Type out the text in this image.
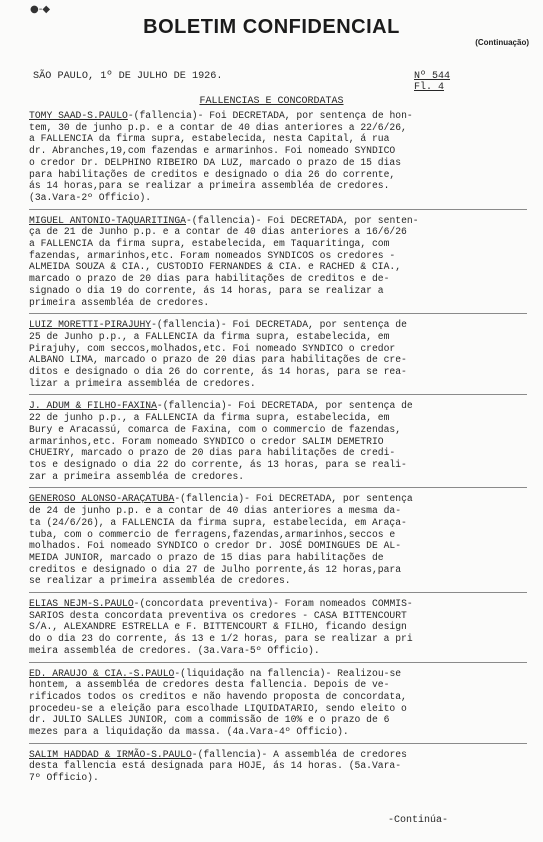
●-◆
BOLETIM CONFIDENCIAL
(Continuação)
SÃO PAULO, 1º DE JULHO DE 1926.	Nº 544
Fl. 4
FALLENCIAS E CONCORDATAS

TOMY SAAD-S.PAULO-(fallencia)- Foi DECRETADA, por sentença de hon-

tem, 30 de junho p.p. e a contar de 40 dias anteriores a 22/6/26,

a FALLENCIA da firma supra, estabelecida, nesta Capital, á rua

dr. Abranches,19,com fazendas e armarinhos. Foi nomeado SYNDICO

o credor Dr. DELPHINO RIBEIRO DA LUZ, marcado o prazo de 15 dias

para habilitações de creditos e designado o dia 26 do corrente,

ás 14 horas,para se realizar a primeira assembléa de credores.

(3a.Vara-2º Officio).

MIGUEL ANTONIO-TAQUARITINGA-(fallencia)- Foi DECRETADA, por senten-

ça de 21 de Junho p.p. e a contar de 40 dias anteriores a 16/6/26

a FALLENCIA da firma supra, estabelecida, em Taquaritinga, com

fazendas, armarinhos,etc. Foram nomeados SYNDICOS os credores -

ALMEIDA SOUZA & CIA., CUSTODIO FERNANDES & CIA. e RACHED & CIA.,

marcado o prazo de 20 dias para habilitações de creditos e de-

signado o dia 19 do corrente, ás 14 horas, para se realizar a

primeira assembléa de credores.

LUIZ MORETTI-PIRAJUHY-(fallencia)- Foi DECRETADA, por sentença de

25 de Junho p.p., a FALLENCIA da firma supra, estabelecida, em

Pirajuhy, com seccos,molhados,etc. Foi nomeado SYNDICO o credor

ALBANO LIMA, marcado o prazo de 20 dias para habilitações de cre-

ditos e designado o dia 26 do corrente, ás 14 horas, para se rea-

lizar a primeira assembléa de credores.

J. ADUM & FILHO-FAXINA-(fallencia)- Foi DECRETADA, por sentença de

22 de junho p.p., a FALLENCIA da firma supra, estabelecida, em

Bury e Aracassú, comarca de Faxina, com o commercio de fazendas,

armarinhos,etc. Foram nomeado SYNDICO o credor SALIM DEMETRIO

CHUEIRY, marcado o prazo de 20 dias para habilitações de credi-

tos e designado o dia 22 do corrente, ás 13 horas, para se reali-

zar a primeira assembléa de credores.

GENEROSO ALONSO-ARAÇATUBA-(fallencia)- Foi DECRETADA, por sentença

de 24 de junho p.p. e a contar de 40 dias anteriores a mesma da-

ta (24/6/26), a FALLENCIA da firma supra, estabelecida, em Araça-

tuba, com o commercio de ferragens,fazendas,armarinhos,seccos e

molhados. Foi nomeado SYNDICO o credor Dr. JOSÉ DOMINGUES DE AL-

MEIDA JUNIOR, marcado o prazo de 15 dias para habilitações de

creditos e designado o dia 27 de Julho porrente,ás 12 horas,para

se realizar a primeira assembléa de credores.

ELIAS NEJM-S.PAULO-(concordata preventiva)- Foram nomeados COMMIS-

SARIOS desta concordata preventiva os credores - CASA BITTENCOURT

S/A., ALEXANDRE ESTRELLA e F. BITTENCOURT & FILHO, ficando design

do o dia 23 do corrente, ás 13 e 1/2 horas, para se realizar a pri

meira assembléa de credores. (3a.Vara-5º Officio).

ED. ARAUJO & CIA.-S.PAULO-(liquidação na fallencia)- Realizou-se

hontem, a assembléa de credores desta fallencia. Depois de ve-

rificados todos os creditos e não havendo proposta de concordata,

procedeu-se a eleição para escolhade LIQUIDATARIO, sendo eleito o

dr. JULIO SALLES JUNIOR, com a commissão de 10% e o prazo de 6

mezes para a liquidação da massa. (4a.Vara-4º Officio).

SALIM HADDAD & IRMÃO-S.PAULO-(fallencia)- A assembléa de credores

desta fallencia está designada para HOJE, ás 14 horas. (5a.Vara-

7º Officio).

-Continúa-
